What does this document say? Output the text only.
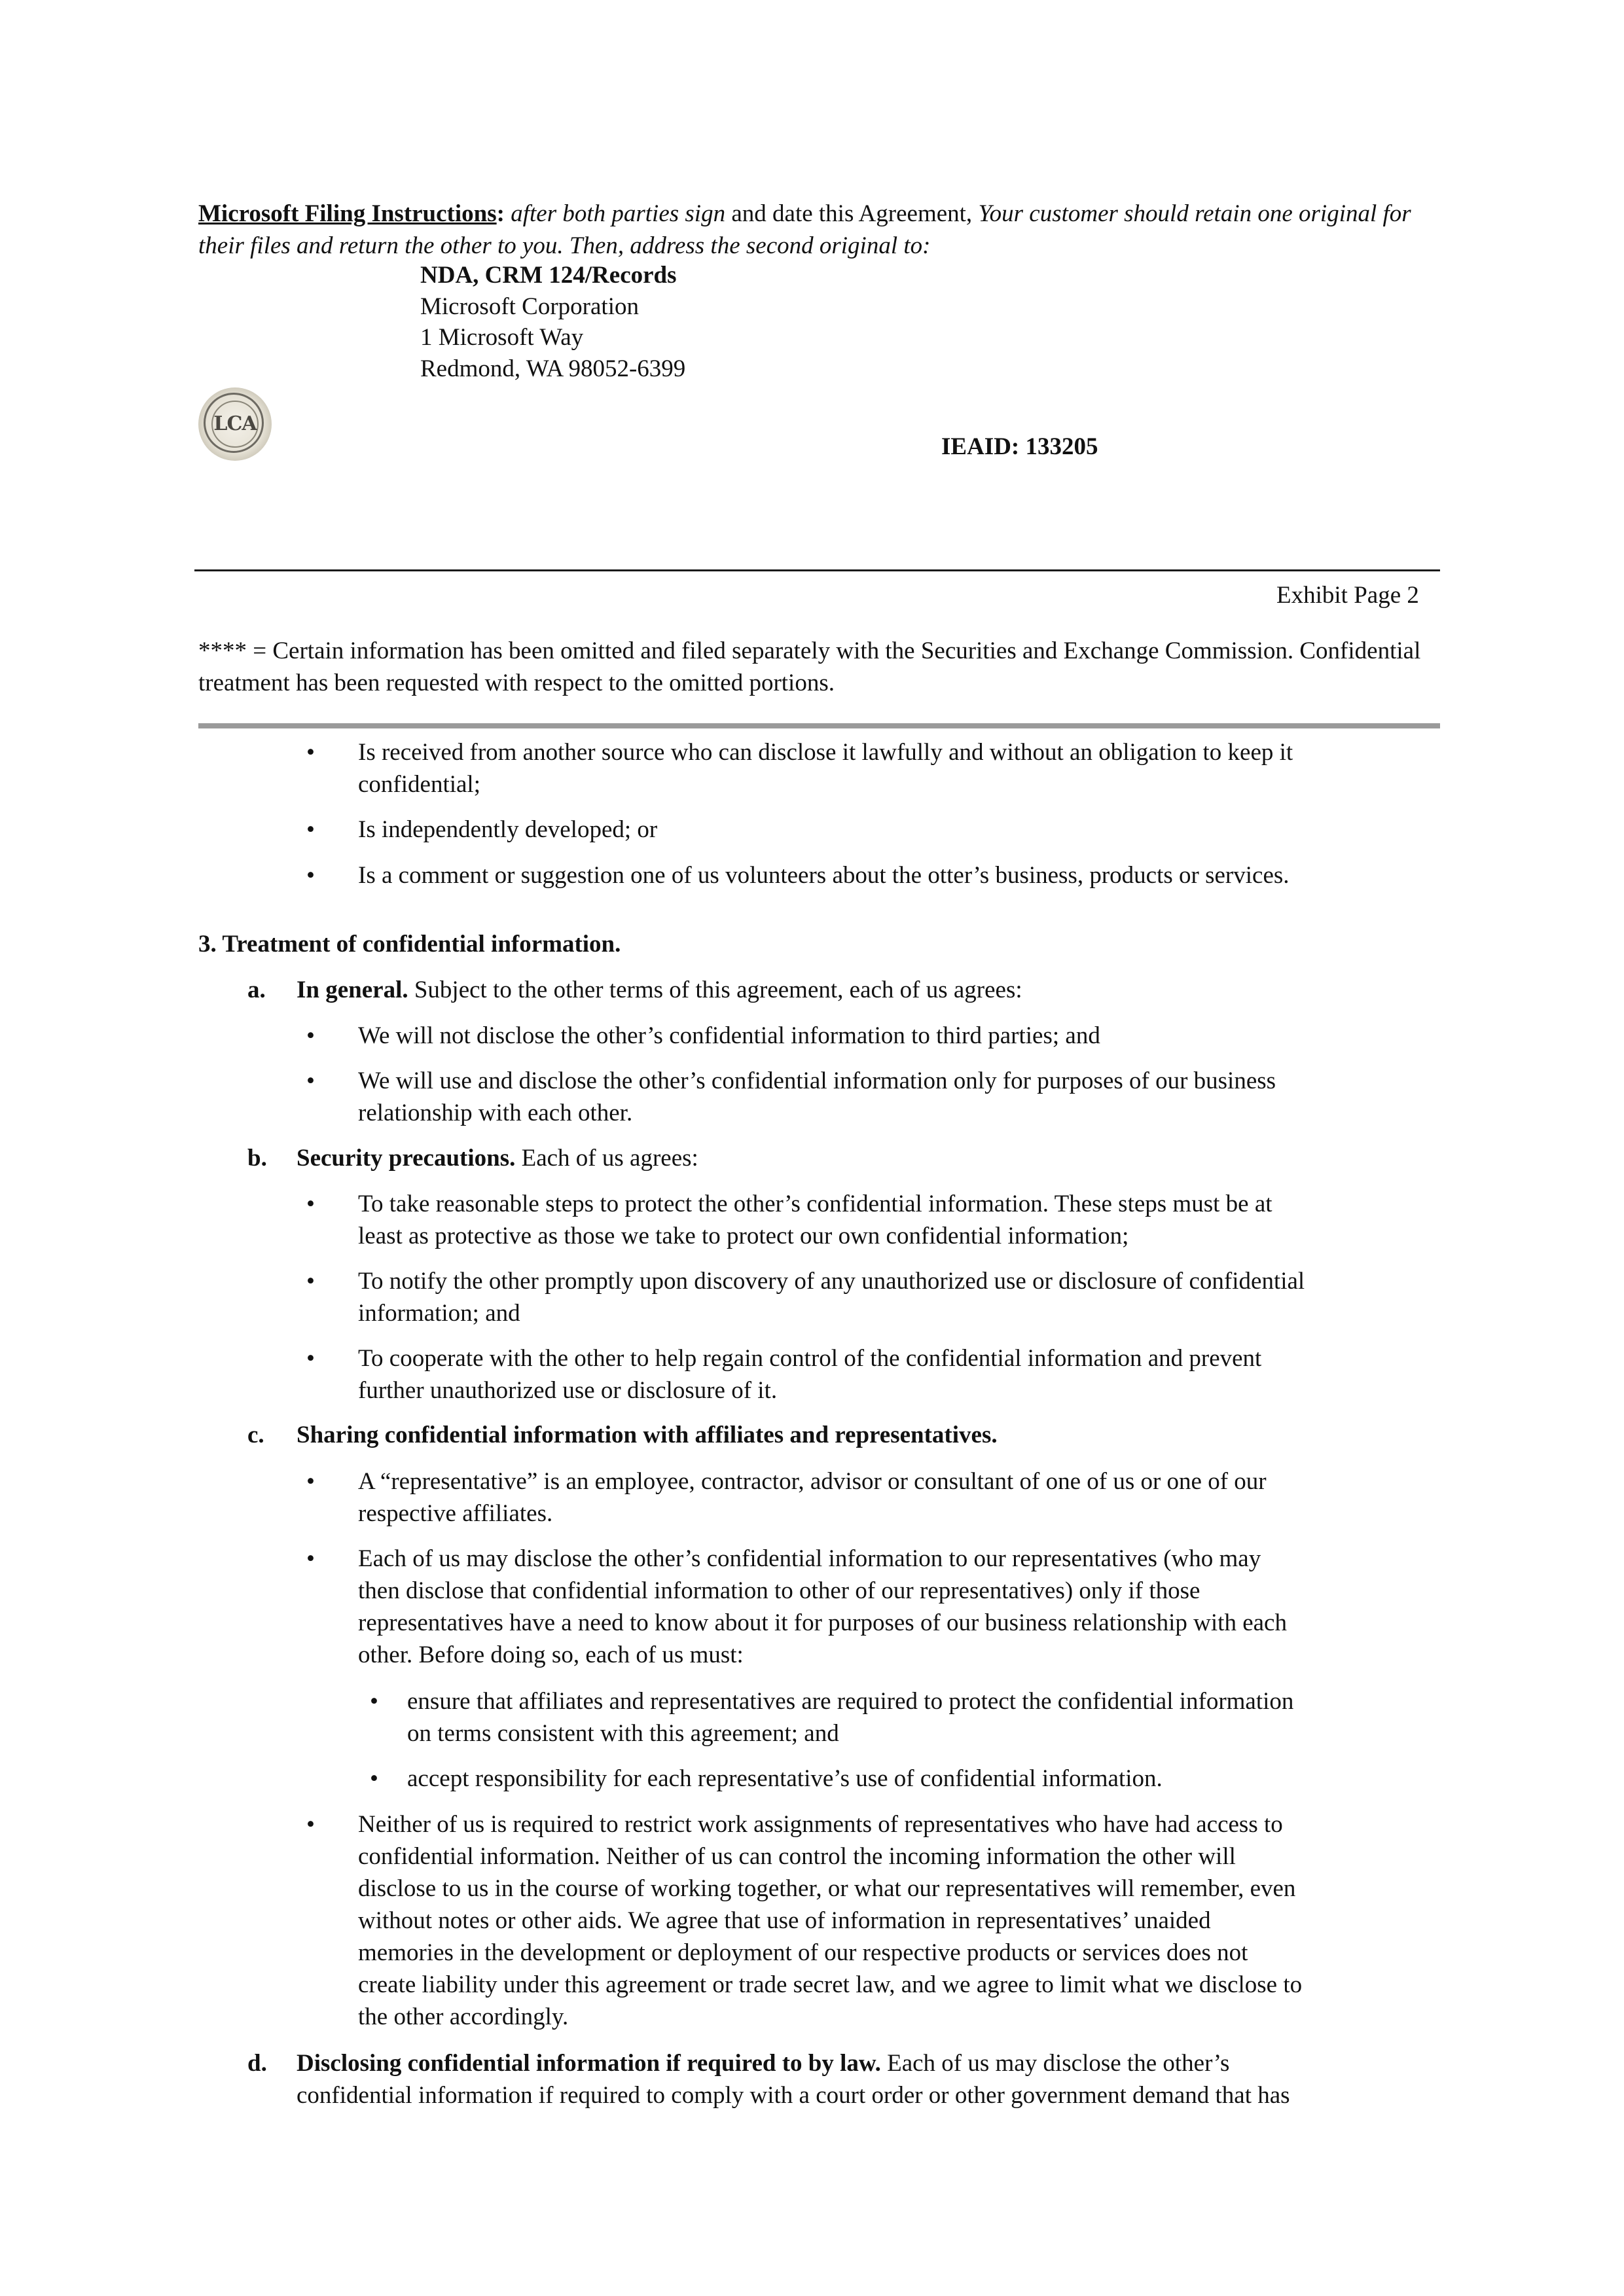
Microsoft Filing Instructions: after both parties sign and date this Agreement, Your customer should retain one original for their files and return the other to you. Then, address the second original to:
NDA, CRM 124/Records
Microsoft Corporation
1 Microsoft Way
Redmond, WA 98052-6399
LCA
IEAID: 133205
Exhibit Page 2
**** = Certain information has been omitted and filed separately with the Securities and Exchange Commission. Confidential treatment has been requested with respect to the omitted portions.
• Is received from another source who can disclose it lawfully and without an obligation to keep it
confidential;
• Is independently developed; or
• Is a comment or suggestion one of us volunteers about the otter’s business, products or services.
3. Treatment of confidential information.
a. In general. Subject to the other terms of this agreement, each of us agrees:
• We will not disclose the other’s confidential information to third parties; and
• We will use and disclose the other’s confidential information only for purposes of our business
relationship with each other.
b. Security precautions. Each of us agrees:
• To take reasonable steps to protect the other’s confidential information. These steps must be at
least as protective as those we take to protect our own confidential information;
• To notify the other promptly upon discovery of any unauthorized use or disclosure of confidential
information; and
• To cooperate with the other to help regain control of the confidential information and prevent
further unauthorized use or disclosure of it.
c. Sharing confidential information with affiliates and representatives.
• A “representative” is an employee, contractor, advisor or consultant of one of us or one of our
respective affiliates.
• Each of us may disclose the other’s confidential information to our representatives (who may
then disclose that confidential information to other of our representatives) only if those
representatives have a need to know about it for purposes of our business relationship with each
other. Before doing so, each of us must:
• ensure that affiliates and representatives are required to protect the confidential information
on terms consistent with this agreement; and
• accept responsibility for each representative’s use of confidential information.
• Neither of us is required to restrict work assignments of representatives who have had access to
confidential information. Neither of us can control the incoming information the other will
disclose to us in the course of working together, or what our representatives will remember, even
without notes or other aids. We agree that use of information in representatives’ unaided
memories in the development or deployment of our respective products or services does not
create liability under this agreement or trade secret law, and we agree to limit what we disclose to
the other accordingly.
d. Disclosing confidential information if required to by law. Each of us may disclose the other’s
confidential information if required to comply with a court order or other government demand that has
